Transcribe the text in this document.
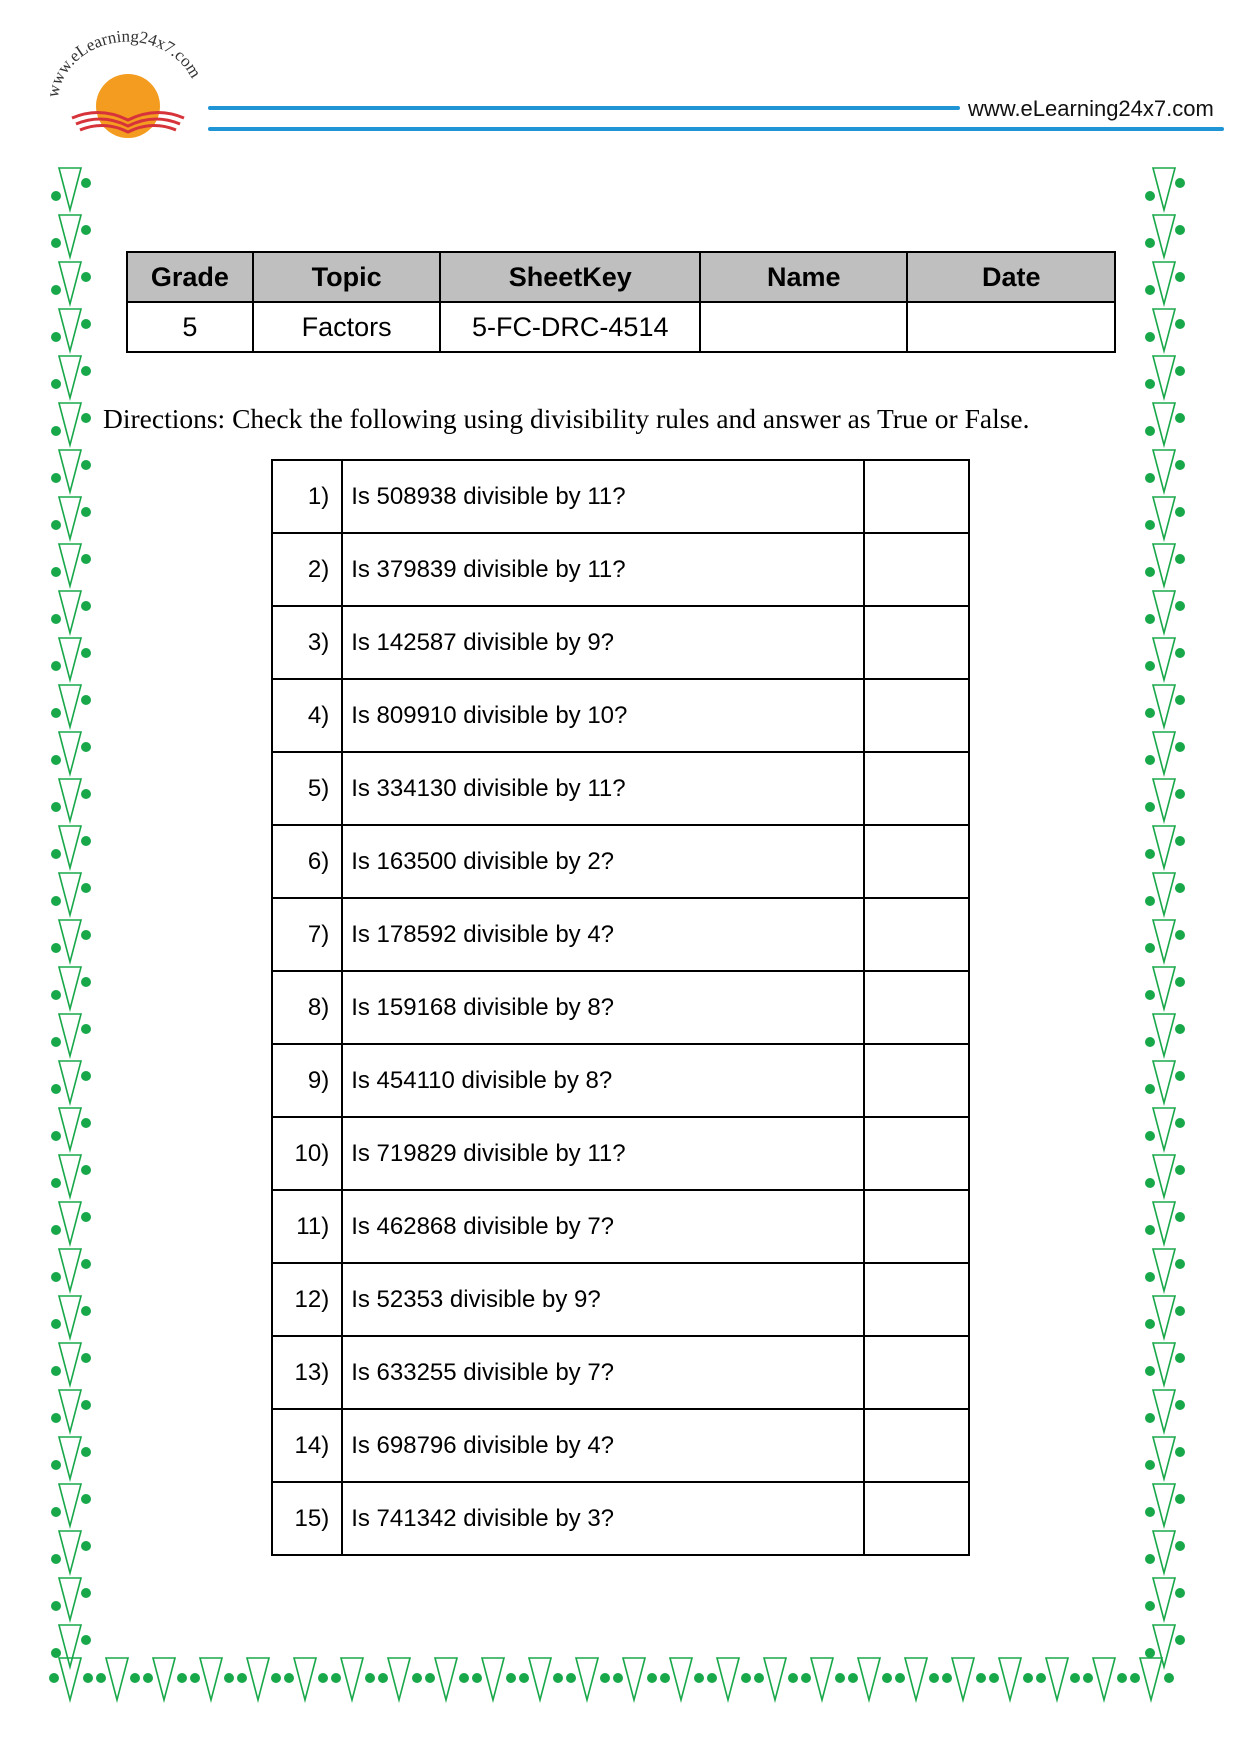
ww.eLearning24x7.com
www.eLearning24x7.com
Grade	Topic	SheetKey	Name	Date
5	Factors	5-FC-DRC-4514		
Directions: Check the following using divisibility rules and answer as True or False.
1)	Is 508938 divisible by 11?	
2)	Is 379839 divisible by 11?	
3)	Is 142587 divisible by 9?	
4)	Is 809910 divisible by 10?	
5)	Is 334130 divisible by 11?	
6)	Is 163500 divisible by 2?	
7)	Is 178592 divisible by 4?	
8)	Is 159168 divisible by 8?	
9)	Is 454110 divisible by 8?	
10)	Is 719829 divisible by 11?	
11)	Is 462868 divisible by 7?	
12)	Is 52353 divisible by 9?	
13)	Is 633255 divisible by 7?	
14)	Is 698796 divisible by 4?	
15)	Is 741342 divisible by 3?	
